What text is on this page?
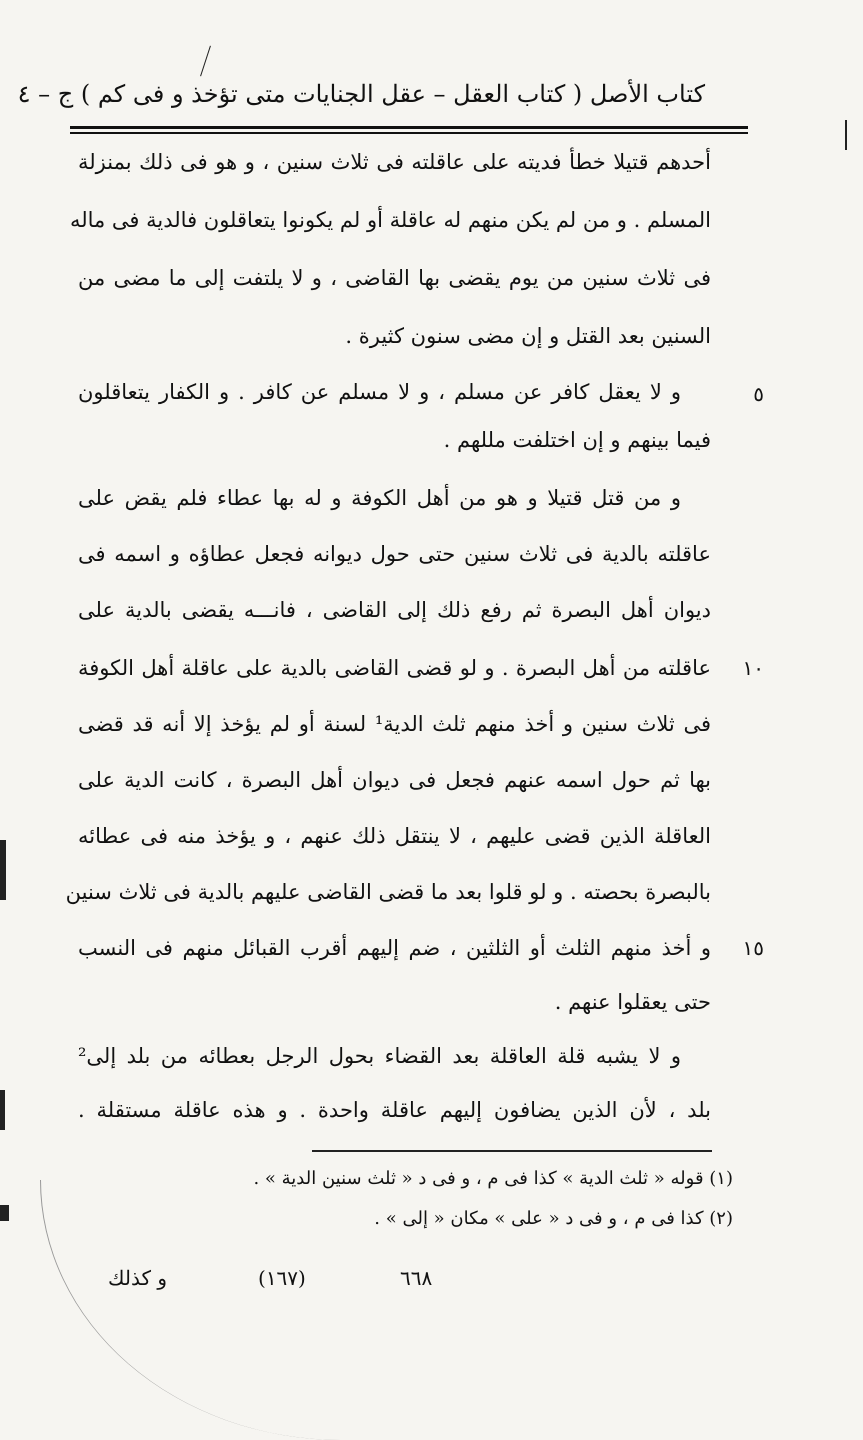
كتاب الأصل ( كتاب العقل – عقل الجنايات متى تؤخذ و فى كم ) ج – ٤
أحدهم قتيلا خطأ فديته على عاقلته فى ثلاث سنين ، و هو فى ذلك بمنزلة
المسلم . و من لم يكن منهم له عاقلة أو لم يكونوا يتعاقلون فالدية فى ماله
فى ثلاث سنين من يوم يقضى بها القاضى ، و لا يلتفت إلى ما مضى من
السنين بعد القتل و إن مضى سنون كثيرة .
٥
و لا يعقل كافر عن مسلم ، و لا مسلم عن كافر . و الكفار يتعاقلون
فيما بينهم و إن اختلفت مللهم .
و من قتل قتيلا و هو من أهل الكوفة و له بها عطاء فلم يقض على
عاقلته بالدية فى ثلاث سنين حتى حول ديوانه فجعل عطاؤه و اسمه فى
ديوان أهل البصرة ثم رفع ذلك إلى القاضى ، فانـــه يقضى بالدية على
١٠
عاقلته من أهل البصرة . و لو قضى القاضى بالدية على عاقلة أهل الكوفة
فى ثلاث سنين و أخذ منهم ثلث الدية¹ لسنة أو لم يؤخذ إلا أنه قد قضى
بها ثم حول اسمه عنهم فجعل فى ديوان أهل البصرة ، كانت الدية على
العاقلة الذين قضى عليهم ، لا ينتقل ذلك عنهم ، و يؤخذ منه فى عطائه
بالبصرة بحصته . و لو قلوا بعد ما قضى القاضى عليهم بالدية فى ثلاث سنين
١٥
و أخذ منهم الثلث أو الثلثين ، ضم إليهم أقرب القبائل منهم فى النسب
حتى يعقلوا عنهم .
و لا يشبه قلة العاقلة بعد القضاء بحول الرجل بعطائه من بلد إلى²
بلد ، لأن الذين يضافون إليهم عاقلة واحدة . و هذه عاقلة مستقلة .
(١) قوله « ثلث الدية » كذا فى م ، و فى د « ثلث سنين الدية » .
(٢) كذا فى م ، و فى د « على » مكان « إلى » .
و كذلك	(١٦٧)	٦٦٨
